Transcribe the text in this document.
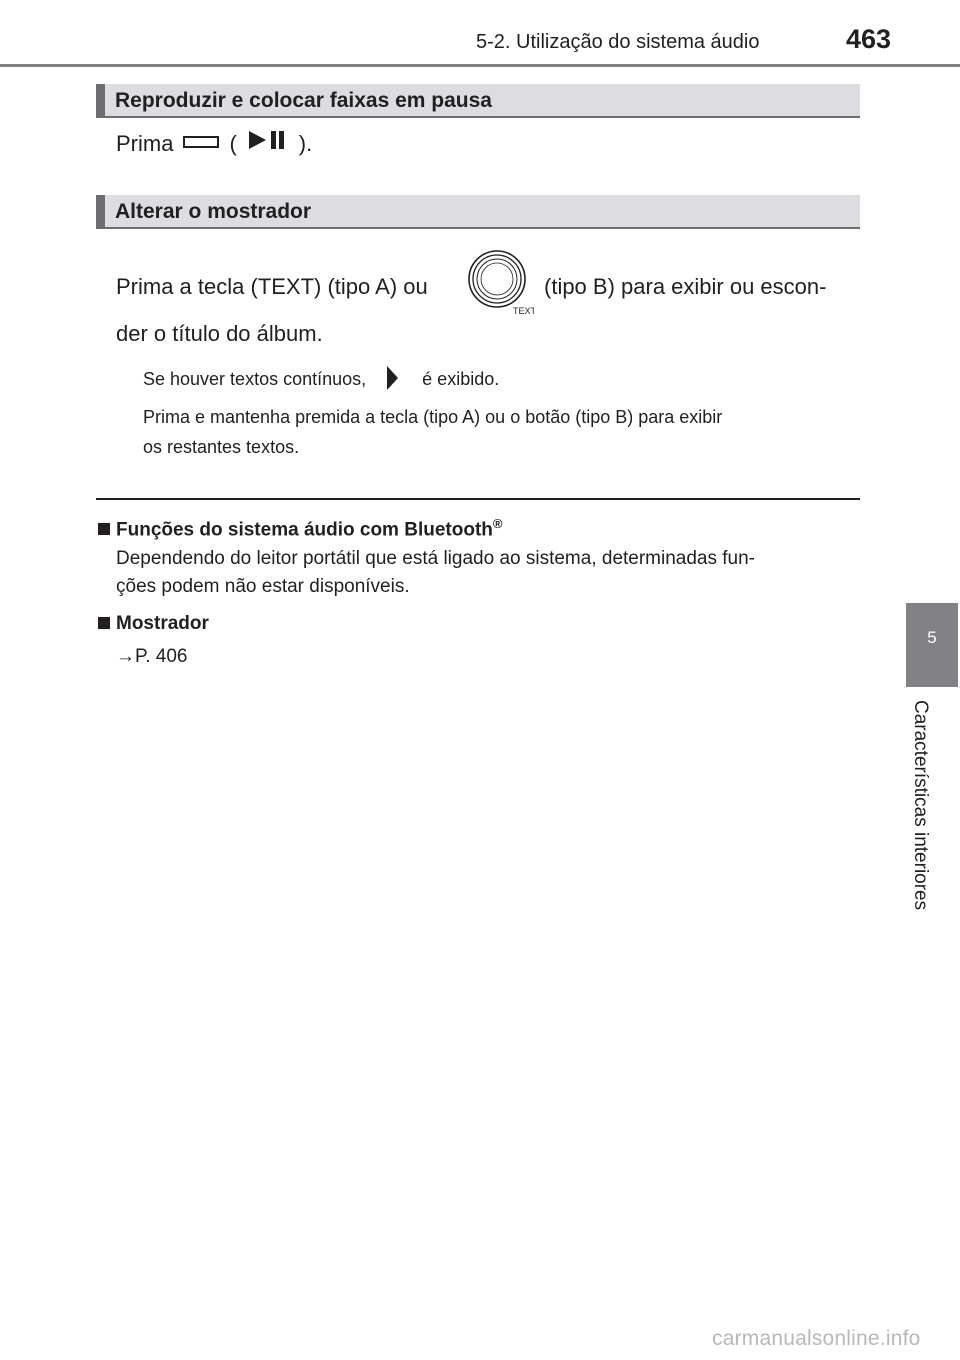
5-2. Utilização do sistema áudio	463
Reproduzir e colocar faixas em pausa
Prima	(	).
Alterar o mostrador
Prima a tecla (TEXT) (tipo A) ou
TEXT
(tipo B) para exibir ou escon-
der o título do álbum.
Se houver textos contínuos,	é exibido.
Prima e mantenha premida a tecla (tipo A) ou o botão (tipo B) para exibir
os restantes textos.
Funções do sistema áudio com Bluetooth®
Dependendo do leitor portátil que está ligado ao sistema, determinadas fun-
ções podem não estar disponíveis.
Mostrador
→P. 406
5
Características interiores
carmanualsonline.info
